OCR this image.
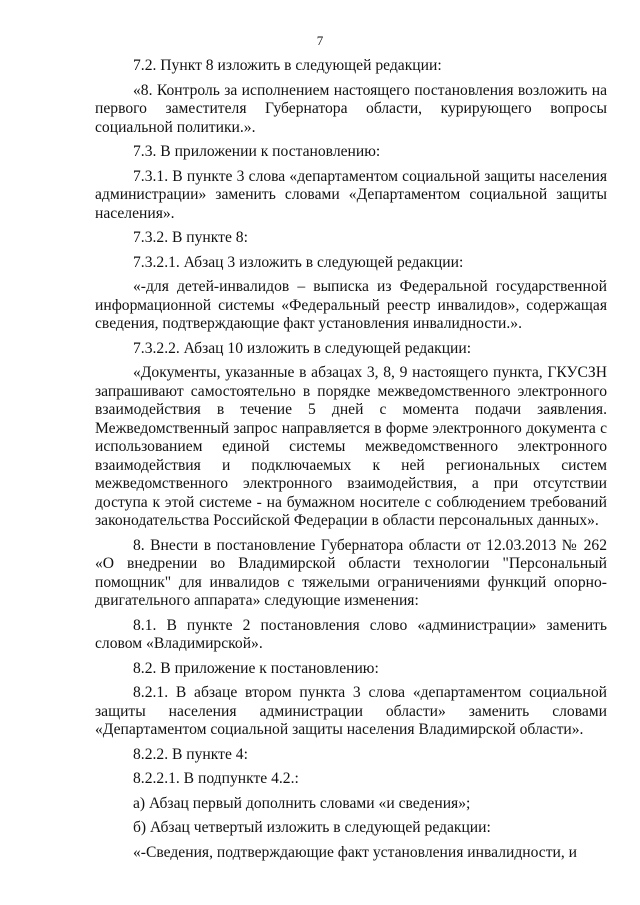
7

7.2. Пункт 8 изложить в следующей редакции:

«8. Контроль за исполнением настоящего постановления возложить на первого заместителя Губернатора области, курирующего вопросы социальной политики.».

7.3. В приложении к постановлению:

7.3.1. В пункте 3 слова «департаментом социальной защиты населения администрации» заменить словами «Департаментом социальной защиты населения».

7.3.2. В пункте 8:

7.3.2.1. Абзац 3 изложить в следующей редакции:

«-для детей-инвалидов – выписка из Федеральной государственной информационной системы «Федеральный реестр инвалидов», содержащая сведения, подтверждающие факт установления инвалидности.».

7.3.2.2. Абзац 10 изложить в следующей редакции:

«Документы, указанные в абзацах 3, 8, 9 настоящего пункта, ГКУСЗН запрашивают самостоятельно в порядке межведомственного электронного взаимодействия в течение 5 дней с момента подачи заявления. Межведомственный запрос направляется в форме электронного документа с использованием единой системы межведомственного электронного взаимодействия и подключаемых к ней региональных систем межведомственного электронного взаимодействия, а при отсутствии доступа к этой системе - на бумажном носителе с соблюдением требований законодательства Российской Федерации в области персональных данных».

8. Внести в постановление Губернатора области от 12.03.2013 № 262 «О внедрении во Владимирской области технологии "Персональный помощник" для инвалидов с тяжелыми ограничениями функций опорно-двигательного аппарата» следующие изменения:

8.1. В пункте 2 постановления слово «администрации» заменить словом «Владимирской».

8.2. В приложение к постановлению:

8.2.1. В абзаце втором пункта 3 слова «департаментом социальной защиты населения администрации области» заменить словами «Департаментом социальной защиты населения Владимирской области».

8.2.2. В пункте 4:

8.2.2.1. В подпункте 4.2.:

а) Абзац первый дополнить словами «и сведения»;

б) Абзац четвертый изложить в следующей редакции:

«-Сведения, подтверждающие факт установления инвалидности, и
